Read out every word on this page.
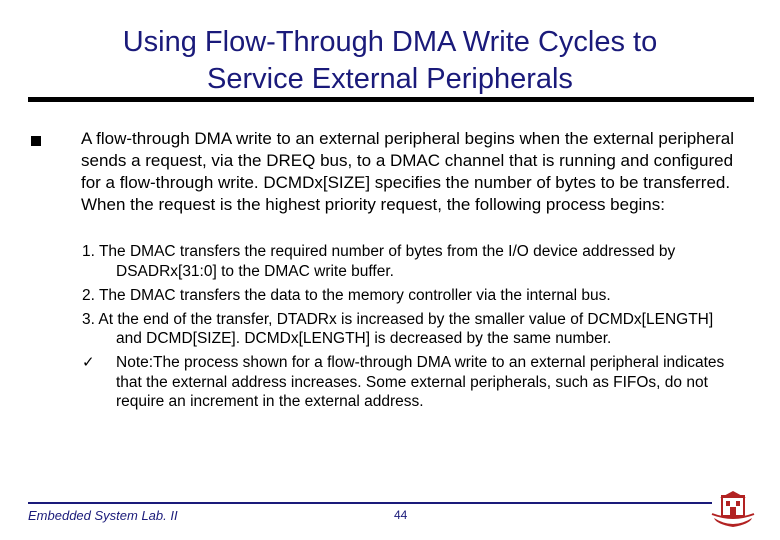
Using Flow-Through DMA Write Cycles to
Service External Peripherals
A flow-through DMA write to an external peripheral begins when the external peripheral sends a request, via the DREQ bus, to a DMAC channel that is running and configured for a flow-through write. DCMDx[SIZE] specifies the number of bytes to be transferred. When the request is the highest priority request, the following process begins:
1. The DMAC transfers the required number of bytes from the I/O device addressed by DSADRx[31:0] to the DMAC write buffer.
2. The DMAC transfers the data to the memory controller via the internal bus.
3. At the end of the transfer, DTADRx is increased by the smaller value of DCMDx[LENGTH] and DCMD[SIZE]. DCMDx[LENGTH] is decreased by the same number.
✓	Note:The process shown for a flow-through DMA write to an external peripheral indicates that the external address increases. Some external peripherals, such as FIFOs, do not require an increment in the external address.
Embedded System Lab. II	44
